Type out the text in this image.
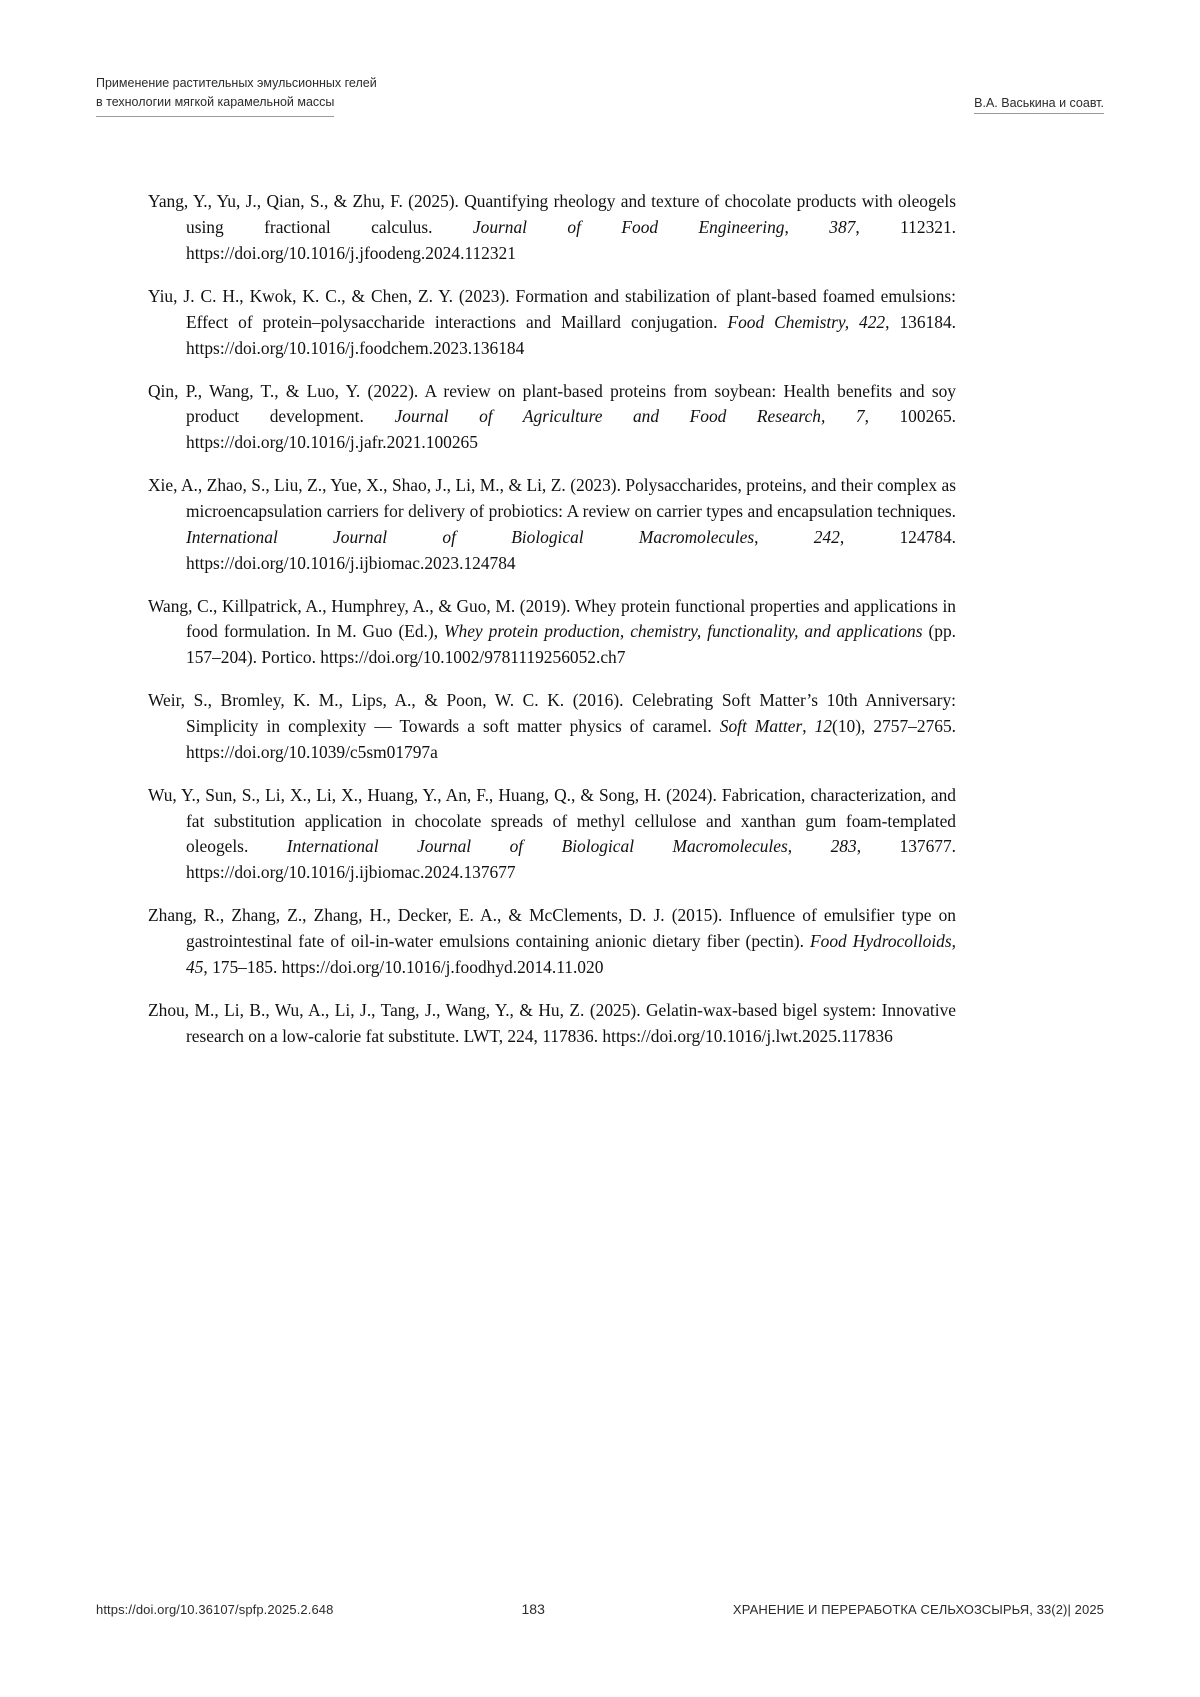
Применение растительных эмульсионных гелей
в технологии мягкой карамельной массы	В.А. Васькина и соавт.

Yang, Y., Yu, J., Qian, S., & Zhu, F. (2025). Quantifying rheology and texture of chocolate products with oleogels using fractional calculus. Journal of Food Engineering, 387, 112321. https://doi.org/10.1016/j.jfoodeng.2024.112321

Yiu, J. C. H., Kwok, K. C., & Chen, Z. Y. (2023). Formation and stabilization of plant-based foamed emulsions: Effect of protein–polysaccharide interactions and Maillard conjugation. Food Chemistry, 422, 136184. https://doi.org/10.1016/j.foodchem.2023.136184

Qin, P., Wang, T., & Luo, Y. (2022). A review on plant-based proteins from soybean: Health benefits and soy product development. Journal of Agriculture and Food Research, 7, 100265. https://doi.org/10.1016/j.jafr.2021.100265

Xie, A., Zhao, S., Liu, Z., Yue, X., Shao, J., Li, M., & Li, Z. (2023). Polysaccharides, proteins, and their complex as microencapsulation carriers for delivery of probiotics: A review on carrier types and encapsulation techniques. International Journal of Biological Macromolecules, 242, 124784. https://doi.org/10.1016/j.ijbiomac.2023.124784

Wang, C., Killpatrick, A., Humphrey, A., & Guo, M. (2019). Whey protein functional properties and applications in food formulation. In M. Guo (Ed.), Whey protein production, chemistry, functionality, and applications (pp. 157–204). Portico. https://doi.org/10.1002/9781119256052.ch7

Weir, S., Bromley, K. M., Lips, A., & Poon, W. C. K. (2016). Celebrating Soft Matter’s 10th Anniversary: Simplicity in complexity — Towards a soft matter physics of caramel. Soft Matter, 12(10), 2757–2765. https://doi.org/10.1039/c5sm01797a

Wu, Y., Sun, S., Li, X., Li, X., Huang, Y., An, F., Huang, Q., & Song, H. (2024). Fabrication, characterization, and fat substitution application in chocolate spreads of methyl cellulose and xanthan gum foam-templated oleogels. International Journal of Biological Macromolecules, 283, 137677. https://doi.org/10.1016/j.ijbiomac.2024.137677

Zhang, R., Zhang, Z., Zhang, H., Decker, E. A., & McClements, D. J. (2015). Influence of emulsifier type on gastrointestinal fate of oil-in-water emulsions containing anionic dietary fiber (pectin). Food Hydrocolloids, 45, 175–185. https://doi.org/10.1016/j.foodhyd.2014.11.020

Zhou, M., Li, B., Wu, A., Li, J., Tang, J., Wang, Y., & Hu, Z. (2025). Gelatin-wax-based bigel system: Innovative research on a low-calorie fat substitute. LWT, 224, 117836. https://doi.org/10.1016/j.lwt.2025.117836

https://doi.org/10.36107/spfp.2025.2.648	183	ХРАНЕНИЕ И ПЕРЕРАБОТКА СЕЛЬХОЗСЫРЬЯ, 33(2)| 2025
